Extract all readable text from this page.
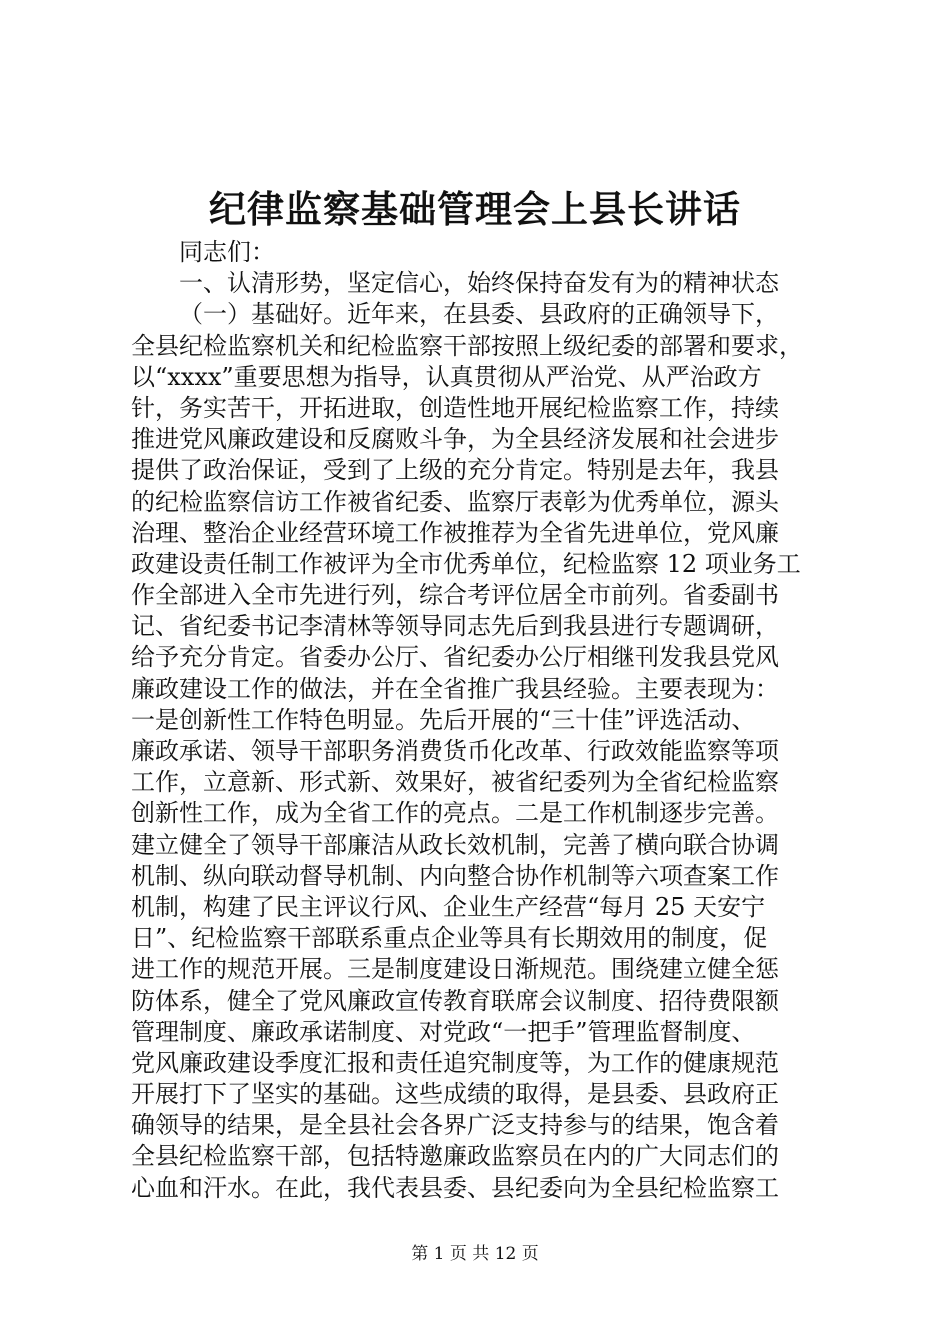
纪律监察基础管理会上县长讲话
同志们：
一、认清形势，坚定信心，始终保持奋发有为的精神状态
（一）基础好。近年来，在县委、县政府的正确领导下，
全县纪检监察机关和纪检监察干部按照上级纪委的部署和要求，
以“xxxx”重要思想为指导，认真贯彻从严治党、从严治政方
针，务实苦干，开拓进取，创造性地开展纪检监察工作，持续
推进党风廉政建设和反腐败斗争，为全县经济发展和社会进步
提供了政治保证，受到了上级的充分肯定。特别是去年，我县
的纪检监察信访工作被省纪委、监察厅表彰为优秀单位，源头
治理、整治企业经营环境工作被推荐为全省先进单位，党风廉
政建设责任制工作被评为全市优秀单位，纪检监察 12 项业务工
作全部进入全市先进行列，综合考评位居全市前列。省委副书
记、省纪委书记李清林等领导同志先后到我县进行专题调研，
给予充分肯定。省委办公厅、省纪委办公厅相继刊发我县党风
廉政建设工作的做法，并在全省推广我县经验。主要表现为：
一是创新性工作特色明显。先后开展的“三十佳”评选活动、
廉政承诺、领导干部职务消费货币化改革、行政效能监察等项
工作，立意新、形式新、效果好，被省纪委列为全省纪检监察
创新性工作，成为全省工作的亮点。二是工作机制逐步完善。
建立健全了领导干部廉洁从政长效机制，完善了横向联合协调
机制、纵向联动督导机制、内向整合协作机制等六项查案工作
机制，构建了民主评议行风、企业生产经营“每月 25 天安宁
日”、纪检监察干部联系重点企业等具有长期效用的制度，促
进工作的规范开展。三是制度建设日渐规范。围绕建立健全惩
防体系，健全了党风廉政宣传教育联席会议制度、招待费限额
管理制度、廉政承诺制度、对党政“一把手”管理监督制度、
党风廉政建设季度汇报和责任追究制度等，为工作的健康规范
开展打下了坚实的基础。这些成绩的取得，是县委、县政府正
确领导的结果，是全县社会各界广泛支持参与的结果，饱含着
全县纪检监察干部，包括特邀廉政监察员在内的广大同志们的
心血和汗水。在此，我代表县委、县纪委向为全县纪检监察工
第 1 页 共 12 页
